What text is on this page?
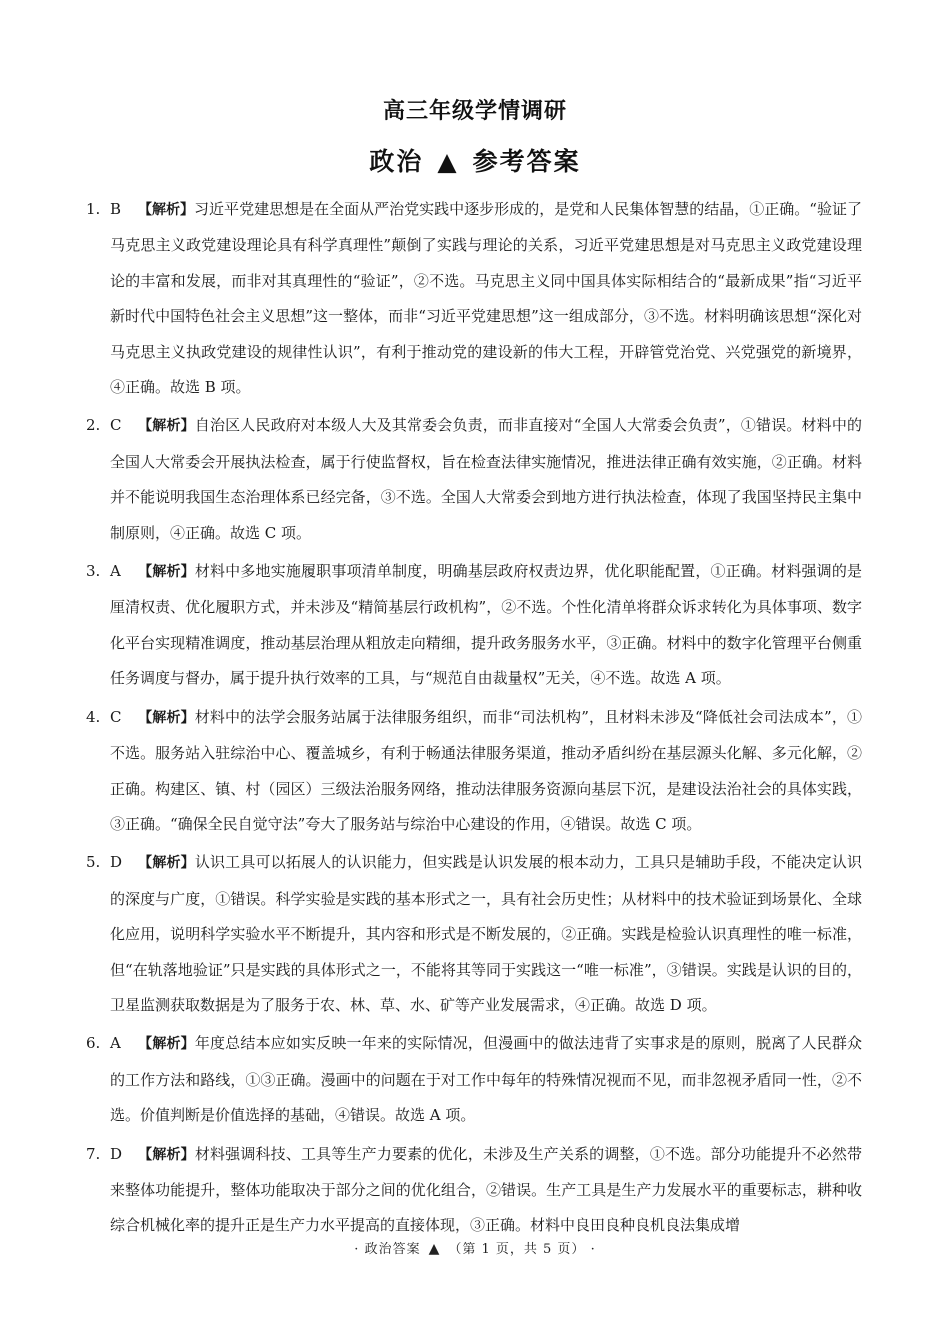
高三年级学情调研
政治 ▲ 参考答案
1. B 【解析】习近平党建思想是在全面从严治党实践中逐步形成的，是党和人民集体智慧的结晶，①正确。“验证了马克思主义政党建设理论具有科学真理性”颠倒了实践与理论的关系，习近平党建思想是对马克思主义政党建设理论的丰富和发展，而非对其真理性的“验证”，②不选。马克思主义同中国具体实际相结合的“最新成果”指“习近平新时代中国特色社会主义思想”这一整体，而非“习近平党建思想”这一组成部分，③不选。材料明确该思想“深化对马克思主义执政党建设的规律性认识”，有利于推动党的建设新的伟大工程，开辟管党治党、兴党强党的新境界，④正确。故选 B 项。
2. C 【解析】自治区人民政府对本级人大及其常委会负责，而非直接对“全国人大常委会负责”，①错误。材料中的全国人大常委会开展执法检查，属于行使监督权，旨在检查法律实施情况，推进法律正确有效实施，②正确。材料并不能说明我国生态治理体系已经完备，③不选。全国人大常委会到地方进行执法检查，体现了我国坚持民主集中制原则，④正确。故选 C 项。
3. A 【解析】材料中多地实施履职事项清单制度，明确基层政府权责边界，优化职能配置，①正确。材料强调的是厘清权责、优化履职方式，并未涉及“精简基层行政机构”，②不选。个性化清单将群众诉求转化为具体事项、数字化平台实现精准调度，推动基层治理从粗放走向精细，提升政务服务水平，③正确。材料中的数字化管理平台侧重任务调度与督办，属于提升执行效率的工具，与“规范自由裁量权”无关，④不选。故选 A 项。
4. C 【解析】材料中的法学会服务站属于法律服务组织，而非“司法机构”，且材料未涉及“降低社会司法成本”，①不选。服务站入驻综治中心、覆盖城乡，有利于畅通法律服务渠道，推动矛盾纠纷在基层源头化解、多元化解，②正确。构建区、镇、村（园区）三级法治服务网络，推动法律服务资源向基层下沉，是建设法治社会的具体实践，③正确。“确保全民自觉守法”夸大了服务站与综治中心建设的作用，④错误。故选 C 项。
5. D 【解析】认识工具可以拓展人的认识能力，但实践是认识发展的根本动力，工具只是辅助手段，不能决定认识的深度与广度，①错误。科学实验是实践的基本形式之一，具有社会历史性；从材料中的技术验证到场景化、全球化应用，说明科学实验水平不断提升，其内容和形式是不断发展的，②正确。实践是检验认识真理性的唯一标准，但“在轨落地验证”只是实践的具体形式之一，不能将其等同于实践这一“唯一标准”，③错误。实践是认识的目的，卫星监测获取数据是为了服务于农、林、草、水、矿等产业发展需求，④正确。故选 D 项。
6. A 【解析】年度总结本应如实反映一年来的实际情况，但漫画中的做法违背了实事求是的原则，脱离了人民群众的工作方法和路线，①③正确。漫画中的问题在于对工作中每年的特殊情况视而不见，而非忽视矛盾同一性，②不选。价值判断是价值选择的基础，④错误。故选 A 项。
7. D 【解析】材料强调科技、工具等生产力要素的优化，未涉及生产关系的调整，①不选。部分功能提升不必然带来整体功能提升，整体功能取决于部分之间的优化组合，②错误。生产工具是生产力发展水平的重要标志，耕种收综合机械化率的提升正是生产力水平提高的直接体现，③正确。材料中良田良种良机良法集成增
· 政治答案 ▲ （第 1 页，共 5 页） ·
